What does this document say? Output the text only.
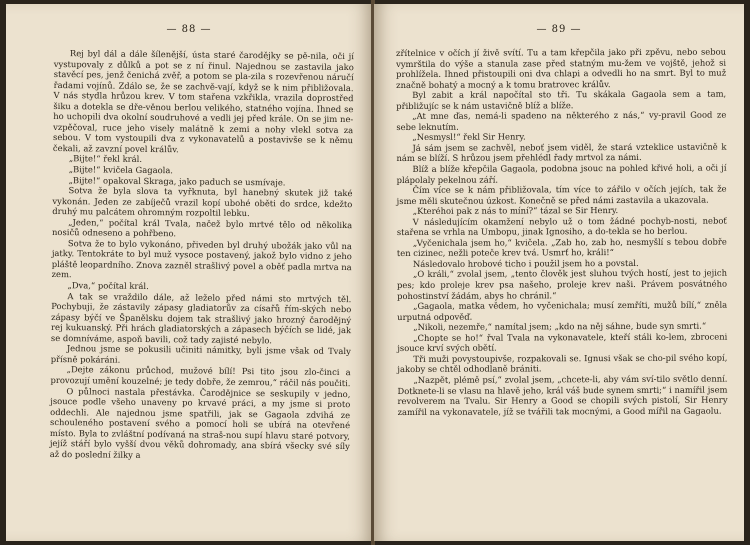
— 88 —

Rej byl dál a dále šílenější, ústa staré čarodějky se pě-nila, oči jí vystupovaly z důlků a pot se z ní řinul. Najednou se zastavila jako stavěcí pes, jenž čenichá zvěř, a potom se pla-zila s rozevřenou náručí řadami vojínů. Zdálo se, že se zachvě-vají, když se k nim přibližovala. V nás stydla hrůzou krev. V tom stařena vzkřikla, vrazila doprostřed šiku a dotekla se dře-věnou berlou velikého, statného vojína. Ihned se ho uchopili dva okolní soudruhové a vedli jej před krále. On se jim ne-vzpěčoval, ruce jeho visely malátně k zemi a nohy vlekl sotva za sebou. V tom vystoupili dva z vykonavatelů a postavivše se k němu čekali, až zavzní povel králův.

„Bijte!“ řekl král.

„Bijte!“ kvičela Gagaola.

„Bijte!“ opakoval Skraga, jako paduch se usmívaje.

Sotva že byla slova ta vyřknuta, byl hanebný skutek již také vykonán. Jeden ze zabíječů vrazil kopí ubohé oběti do srdce, kdežto druhý mu palcátem ohromným rozpoltil lebku.

„Jeden,“ počítal král Tvala, načež bylo mrtvé tělo od několika nosičů odneseno a pohřbeno.

Sotva že to bylo vykonáno, přiveden byl druhý ubožák jako vůl na jatky. Tentokráte to byl muž vysoce postavený, jakož bylo vidno z jeho pláště leopardního. Znova zazněl strašlivý povel a oběť padla mrtva na zem.

„Dva,“ počítal král.

A tak se vraždilo dále, až leželo před námi sto mrtvých těl. Pochybuji, že zástavily zápasy gladiatorův za císařů řím-ských nebo zápasy býčí ve Španělsku dojem tak strašlivý jako hrozný čarodějný rej kukuanský. Při hrách gladiatorských a zápasech býčích se lidé, jak se domníváme, aspoň bavili, což tady zajisté nebylo.

Jednou jsme se pokusili učiniti námitky, byli jsme však od Tvaly přísně pokáráni.

„Dejte zákonu průchod, mužové bílí! Psi tito jsou zlo-činci a provozují umění kouzelné; je tedy dobře, že zemrou,“ ráčil nás poučiti.

O půlnoci nastala přestávka. Čarodějnice se seskupily v jedno, jsouce podle všeho unaveny po krvavé práci, a my jsme si proto oddechli. Ale najednou jsme spatřili, jak se Gagaola zdvihá ze schouleného postavení svého a pomocí holi se ubírá na otevřené místo. Byla to zvláštní podívaná na straš-nou supí hlavu staré potvory, jejíž stáří bylo vyšší dvou věků dohromady, ana sbírá všecky své síly až do poslední žilky a

— 89 —

zřítelnice v očích jí živě svítí. Tu a tam křepčila jako při zpěvu, nebo sebou vymrštila do výše a stanula zase před statným mu-žem ve vojště, jehož si prohlížela. Ihned přistoupili oni dva chlapi a odvedli ho na smrt. Byl to muž značně bohatý a mocný a k tomu bratrovec králův.

Byl zabit a král napočítal sto tři. Tu skákala Gagaola sem a tam, přibližujíc se k nám ustavičně blíž a blíže.

„At mne ďas, nemá-li spadeno na některého z nás,“ vy-pravil Good ze sebe leknutím.

„Nesmysl!“ řekl Sir Henry.

Já sám jsem se zachvěl, neboť jsem viděl, že stará vzteklice ustavičně k nám se blíží. S hrůzou jsem přehlédl řady mrtvol za námi.

Blíž a blíže křepčila Gagaola, podobna jsouc na pohled křivé holi, a oči jí plápolaly pekelnou září.

Čím více se k nám přibližovala, tím více to zářilo v očích jejích, tak že jsme měli skutečnou úzkost. Konečně se před námi zastavila a ukazovala.

„Kteréhoi pak z nás to míní?“ tázal se Sir Henry.

V následujícím okamžení nebylo už o tom žádné pochyb-nosti, neboť stařena se vrhla na Umbopu, jinak Ignosiho, a do-tekla se ho berlou.

„Vyčenichala jsem ho,“ kvičela. „Zab ho, zab ho, nesmyšlí s tebou dobře ten cizinec, nežli poteče krev tvá. Usmrť ho, králi!“

Následovalo hrobové ticho i použil jsem ho a povstal.

„O králi,“ zvolal jsem, „tento člověk jest sluhou tvých hostí, jest to jejich pes; kdo proleje krev psa našeho, proleje krev naši. Právem posvátného pohostinství žádám, abys ho chránil.“

„Gagaola, matka vědem, ho vyčenichala; musí zemříti, mužů bílí,“ zněla urputná odpověď.

„Nikoli, nezemře,“ namítal jsem; „kdo na něj sáhne, bude syn smrti.“

„Chopte se ho!“ řval Tvala na vykonavatele, kteří stáli ko-lem, zbroceni jsouce krví svých obětí.

Tři muži povystoupivše, rozpakovali se. Ignusi však se cho-pil svého kopí, jakoby se chtěl odhodlaně brániti.

„Nazpět, plémě psí,“ zvolal jsem, „chcete-li, aby vám sví-tilo světlo denní. Dotknete-li se vlasu na hlavě jeho, král váš bude synem smrti;“ i namířil jsem revolverem na Tvalu. Sir Henry a Good se chopili svých pistolí, Sir Henry zamířil na vykonavatele, jíž se tvářili tak mocnými, a Good mířil na Gagaolu.
